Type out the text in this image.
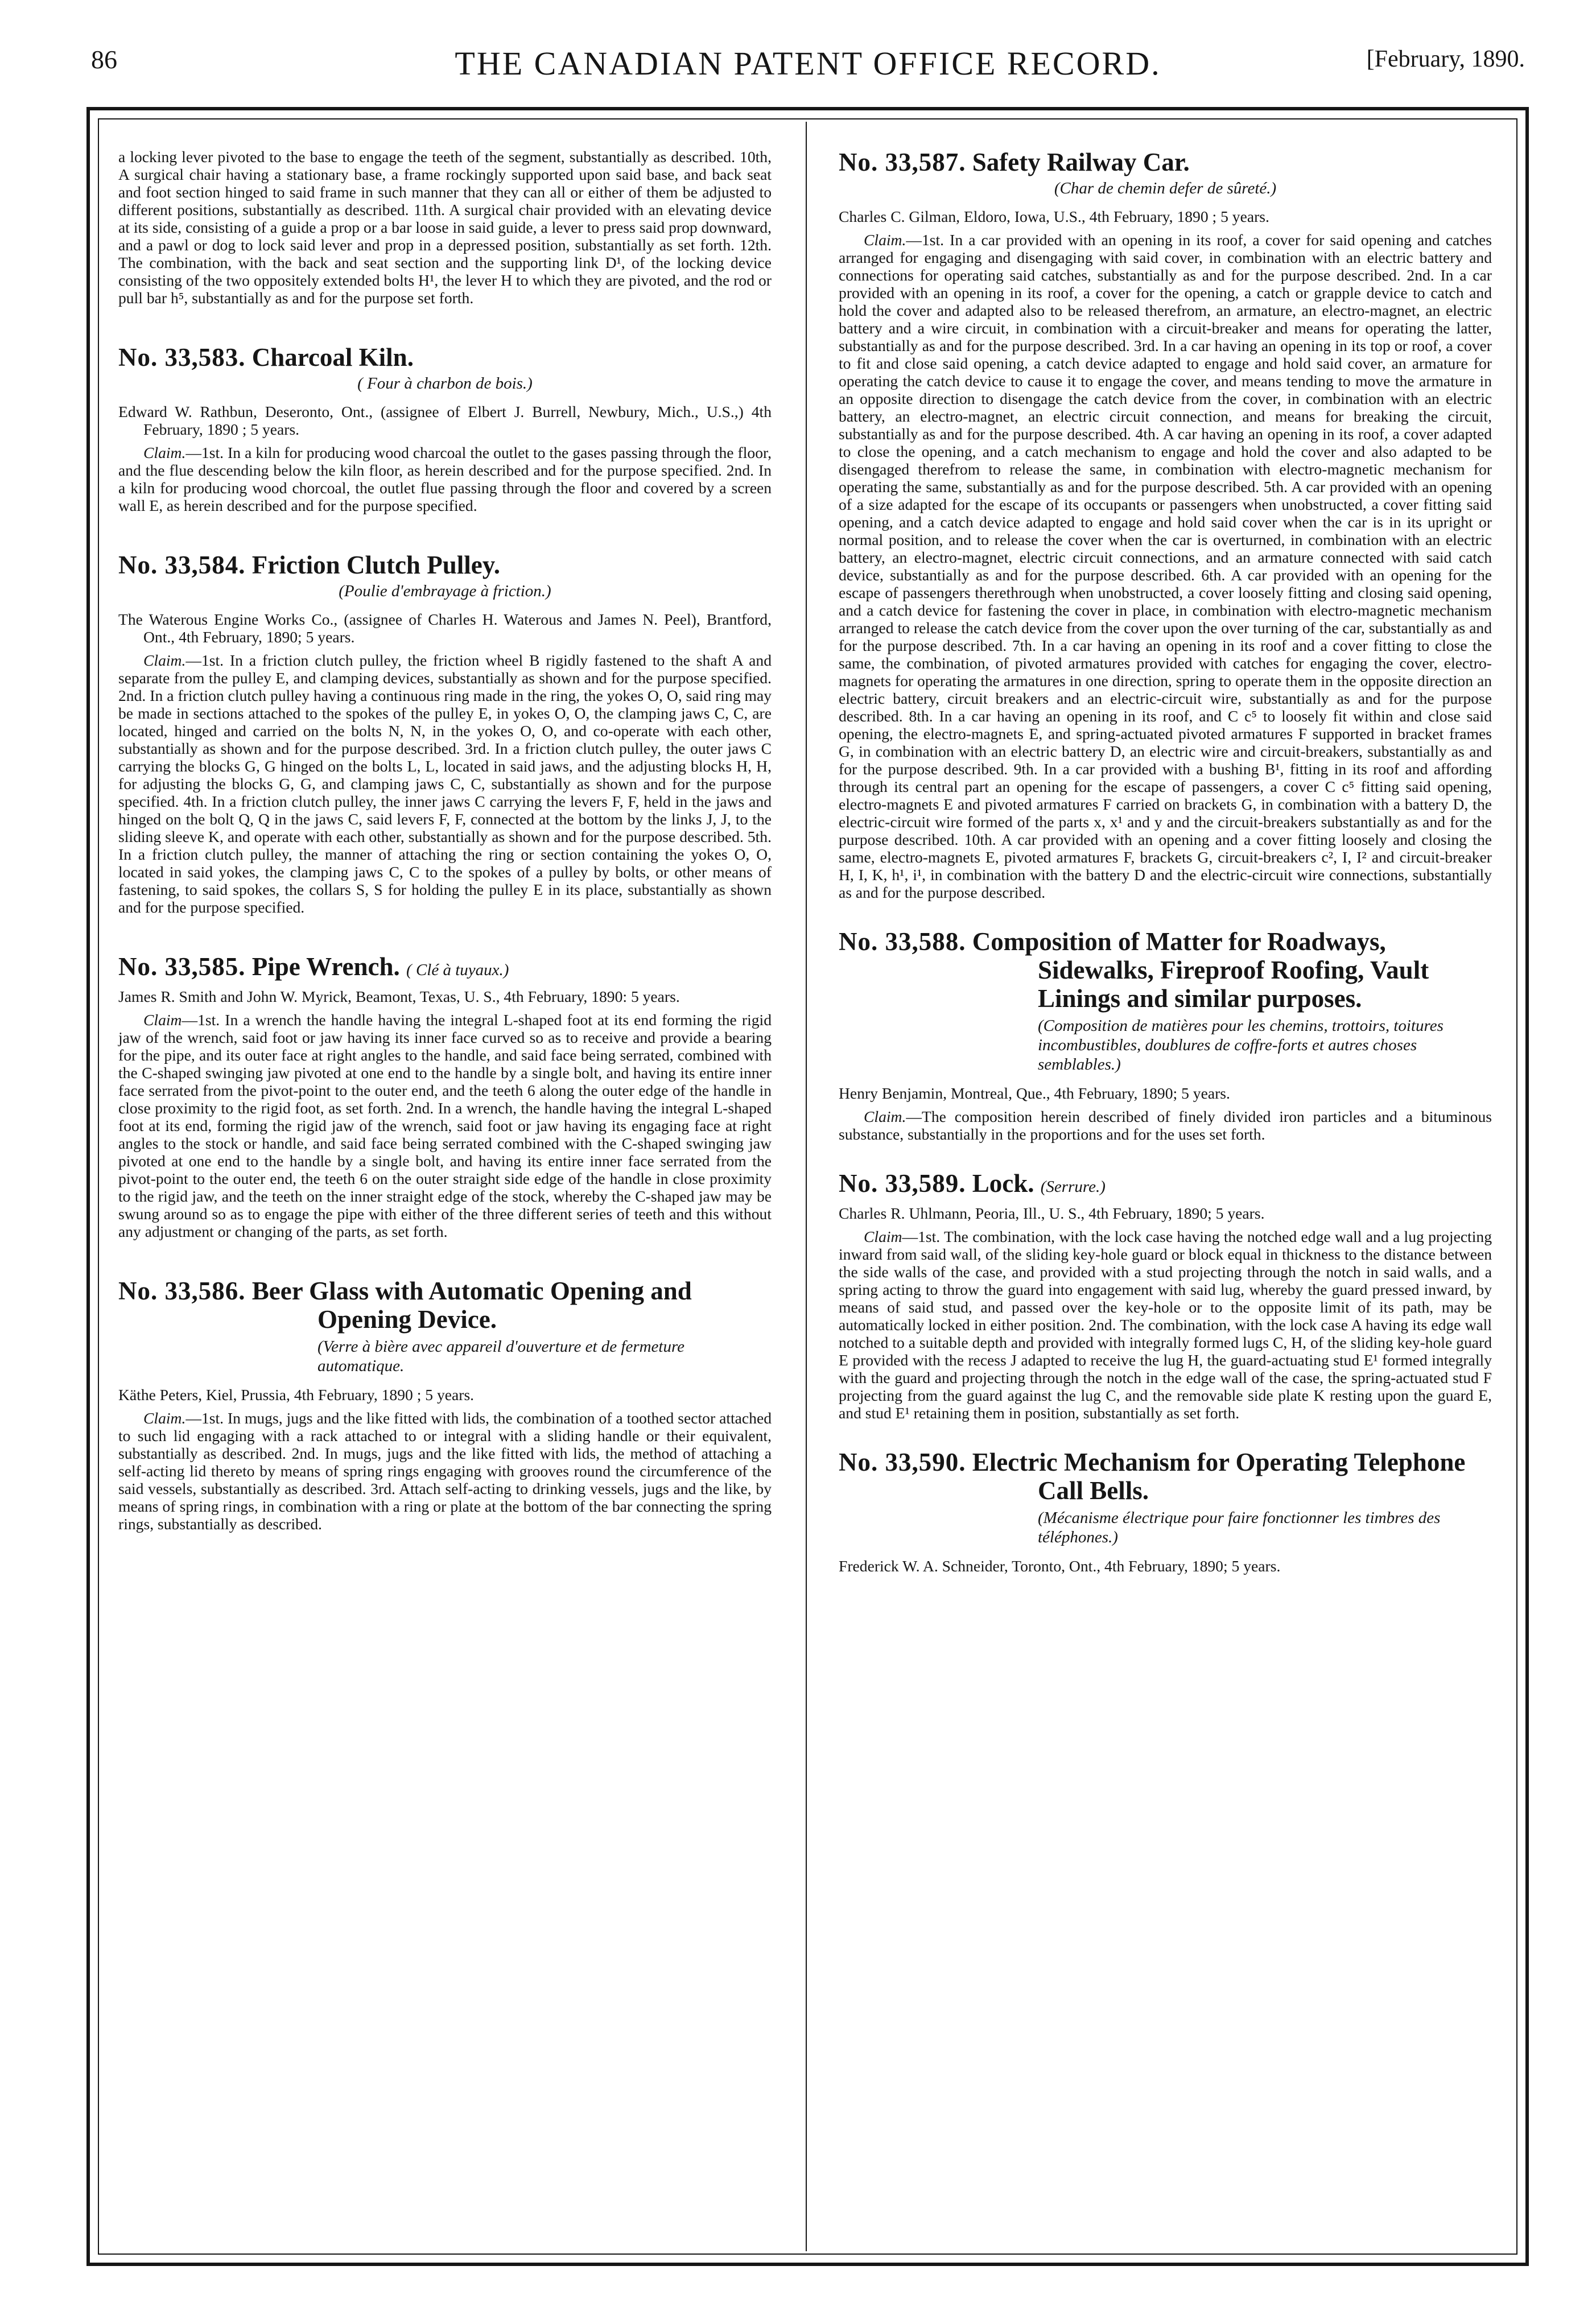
86	THE CANADIAN PATENT OFFICE RECORD.	[February, 1890.

a locking lever pivoted to the base to engage the teeth of the segment, substantially as described. 10th, A surgical chair having a stationary base, a frame rockingly supported upon said base, and back seat and foot section hinged to said frame in such manner that they can all or either of them be adjusted to different positions, substantially as described. 11th. A surgical chair provided with an elevating device at its side, consisting of a guide a prop or a bar loose in said guide, a lever to press said prop downward, and a pawl or dog to lock said lever and prop in a depressed position, substantially as set forth. 12th. The combination, with the back and seat section and the supporting link D¹, of the locking device consisting of the two oppositely extended bolts H¹, the lever H to which they are pivoted, and the rod or pull bar h⁵, substantially as and for the purpose set forth.

No. 33,583. Charcoal Kiln.
( Four à charbon de bois.)

Edward W. Rathbun, Deseronto, Ont., (assignee of Elbert J. Burrell, Newbury, Mich., U.S.,) 4th February, 1890 ; 5 years.

Claim.—1st. In a kiln for producing wood charcoal the outlet to the gases passing through the floor, and the flue descending below the kiln floor, as herein described and for the purpose specified. 2nd. In a kiln for producing wood chorcoal, the outlet flue passing through the floor and covered by a screen wall E, as herein described and for the purpose specified.

No. 33,584. Friction Clutch Pulley.
(Poulie d'embrayage à friction.)

The Waterous Engine Works Co., (assignee of Charles H. Waterous and James N. Peel), Brantford, Ont., 4th February, 1890; 5 years.

Claim.—1st. In a friction clutch pulley, the friction wheel B rigidly fastened to the shaft A and separate from the pulley E, and clamping devices, substantially as shown and for the purpose specified. 2nd. In a friction clutch pulley having a continuous ring made in the ring, the yokes O, O, said ring may be made in sections attached to the spokes of the pulley E, in yokes O, O, the clamping jaws C, C, are located, hinged and carried on the bolts N, N, in the yokes O, O, and co-operate with each other, substantially as shown and for the purpose described. 3rd. In a friction clutch pulley, the outer jaws C carrying the blocks G, G hinged on the bolts L, L, located in said jaws, and the adjusting blocks H, H, for adjusting the blocks G, G, and clamping jaws C, C, substantially as shown and for the purpose specified. 4th. In a friction clutch pulley, the inner jaws C carrying the levers F, F, held in the jaws and hinged on the bolt Q, Q in the jaws C, said levers F, F, connected at the bottom by the links J, J, to the sliding sleeve K, and operate with each other, substantially as shown and for the purpose described. 5th. In a friction clutch pulley, the manner of attaching the ring or section containing the yokes O, O, located in said yokes, the clamping jaws C, C to the spokes of a pulley by bolts, or other means of fastening, to said spokes, the collars S, S for holding the pulley E in its place, substantially as shown and for the purpose specified.

No. 33,585. Pipe Wrench. ( Clé à tuyaux.)

James R. Smith and John W. Myrick, Beamont, Texas, U. S., 4th February, 1890: 5 years.

Claim—1st. In a wrench the handle having the integral L-shaped foot at its end forming the rigid jaw of the wrench, said foot or jaw having its inner face curved so as to receive and provide a bearing for the pipe, and its outer face at right angles to the handle, and said face being serrated, combined with the C-shaped swinging jaw pivoted at one end to the handle by a single bolt, and having its entire inner face serrated from the pivot-point to the outer end, and the teeth 6 along the outer edge of the handle in close proximity to the rigid foot, as set forth. 2nd. In a wrench, the handle having the integral L-shaped foot at its end, forming the rigid jaw of the wrench, said foot or jaw having its engaging face at right angles to the stock or handle, and said face being serrated combined with the C-shaped swinging jaw pivoted at one end to the handle by a single bolt, and having its entire inner face serrated from the pivot-point to the outer end, the teeth 6 on the outer straight side edge of the handle in close proximity to the rigid jaw, and the teeth on the inner straight edge of the stock, whereby the C-shaped jaw may be swung around so as to engage the pipe with either of the three different series of teeth and this without any adjustment or changing of the parts, as set forth.

No. 33,586. Beer Glass with Automatic Opening and Opening Device.
(Verre à bière avec appareil d'ouverture et de fermeture automatique.

Käthe Peters, Kiel, Prussia, 4th February, 1890 ; 5 years.

Claim.—1st. In mugs, jugs and the like fitted with lids, the combination of a toothed sector attached to such lid engaging with a rack attached to or integral with a sliding handle or their equivalent, substantially as described. 2nd. In mugs, jugs and the like fitted with lids, the method of attaching a self-acting lid thereto by means of spring rings engaging with grooves round the circumference of the said vessels, substantially as described. 3rd. Attach self-acting to drinking vessels, jugs and the like, by means of spring rings, in combination with a ring or plate at the bottom of the bar connecting the spring rings, substantially as described.

No. 33,587. Safety Railway Car.
(Char de chemin defer de sûreté.)

Charles C. Gilman, Eldoro, Iowa, U.S., 4th February, 1890 ; 5 years.

Claim.—1st. In a car provided with an opening in its roof, a cover for said opening and catches arranged for engaging and disengaging with said cover, in combination with an electric battery and connections for operating said catches, substantially as and for the purpose described. 2nd. In a car provided with an opening in its roof, a cover for the opening, a catch or grapple device to catch and hold the cover and adapted also to be released therefrom, an armature, an electro-magnet, an electric battery and a wire circuit, in combination with a circuit-breaker and means for operating the latter, substantially as and for the purpose described. 3rd. In a car having an opening in its top or roof, a cover to fit and close said opening, a catch device adapted to engage and hold said cover, an armature for operating the catch device to cause it to engage the cover, and means tending to move the armature in an opposite direction to disengage the catch device from the cover, in combination with an electric battery, an electro-magnet, an electric circuit connection, and means for breaking the circuit, substantially as and for the purpose described. 4th. A car having an opening in its roof, a cover adapted to close the opening, and a catch mechanism to engage and hold the cover and also adapted to be disengaged therefrom to release the same, in combination with electro-magnetic mechanism for operating the same, substantially as and for the purpose described. 5th. A car provided with an opening of a size adapted for the escape of its occupants or passengers when unobstructed, a cover fitting said opening, and a catch device adapted to engage and hold said cover when the car is in its upright or normal position, and to release the cover when the car is overturned, in combination with an electric battery, an electro-magnet, electric circuit connections, and an armature connected with said catch device, substantially as and for the purpose described. 6th. A car provided with an opening for the escape of passengers therethrough when unobstructed, a cover loosely fitting and closing said opening, and a catch device for fastening the cover in place, in combination with electro-magnetic mechanism arranged to release the catch device from the cover upon the over turning of the car, substantially as and for the purpose described. 7th. In a car having an opening in its roof and a cover fitting to close the same, the combination, of pivoted armatures provided with catches for engaging the cover, electro-magnets for operating the armatures in one direction, spring to operate them in the opposite direction an electric battery, circuit breakers and an electric-circuit wire, substantially as and for the purpose described. 8th. In a car having an opening in its roof, and C c⁵ to loosely fit within and close said opening, the electro-magnets E, and spring-actuated pivoted armatures F supported in bracket frames G, in combination with an electric battery D, an electric wire and circuit-breakers, substantially as and for the purpose described. 9th. In a car provided with a bushing B¹, fitting in its roof and affording through its central part an opening for the escape of passengers, a cover C c⁵ fitting said opening, electro-magnets E and pivoted armatures F carried on brackets G, in combination with a battery D, the electric-circuit wire formed of the parts x, x¹ and y and the circuit-breakers substantially as and for the purpose described. 10th. A car provided with an opening and a cover fitting loosely and closing the same, electro-magnets E, pivoted armatures F, brackets G, circuit-breakers c², I, I² and circuit-breaker H, I, K, h¹, i¹, in combination with the battery D and the electric-circuit wire connections, substantially as and for the purpose described.

No. 33,588. Composition of Matter for Roadways, Sidewalks, Fireproof Roofing, Vault Linings and similar purposes.
(Composition de matières pour les chemins, trottoirs, toitures incombustibles, doublures de coffre-forts et autres choses semblables.)

Henry Benjamin, Montreal, Que., 4th February, 1890; 5 years.

Claim.—The composition herein described of finely divided iron particles and a bituminous substance, substantially in the proportions and for the uses set forth.

No. 33,589. Lock. (Serrure.)

Charles R. Uhlmann, Peoria, Ill., U. S., 4th February, 1890; 5 years.

Claim—1st. The combination, with the lock case having the notched edge wall and a lug projecting inward from said wall, of the sliding key-hole guard or block equal in thickness to the distance between the side walls of the case, and provided with a stud projecting through the notch in said walls, and a spring acting to throw the guard into engagement with said lug, whereby the guard pressed inward, by means of said stud, and passed over the key-hole or to the opposite limit of its path, may be automatically locked in either position. 2nd. The combination, with the lock case A having its edge wall notched to a suitable depth and provided with integrally formed lugs C, H, of the sliding key-hole guard E provided with the recess J adapted to receive the lug H, the guard-actuating stud E¹ formed integrally with the guard and projecting through the notch in the edge wall of the case, the spring-actuated stud F projecting from the guard against the lug C, and the removable side plate K resting upon the guard E, and stud E¹ retaining them in position, substantially as set forth.

No. 33,590. Electric Mechanism for Operating Telephone Call Bells.
(Mécanisme électrique pour faire fonctionner les timbres des téléphones.)

Frederick W. A. Schneider, Toronto, Ont., 4th February, 1890; 5 years.
